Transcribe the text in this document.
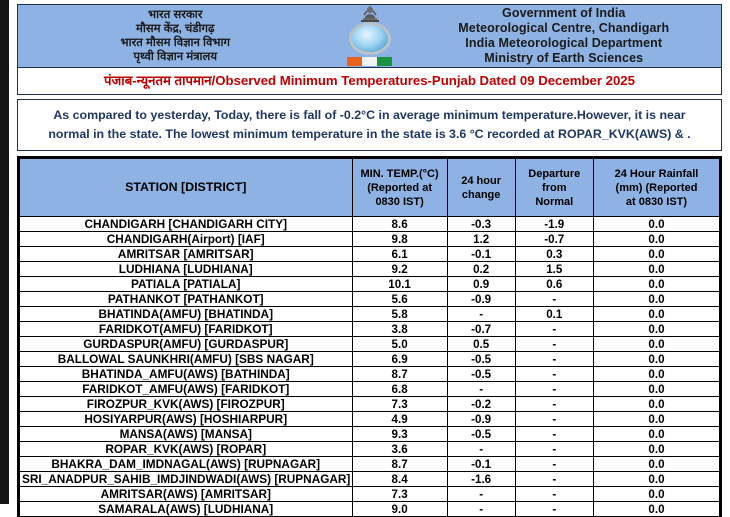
भारत सरकार
मौसम केंद्र, चंडीगढ़
भारत मौसम विज्ञान विभाग
पृथ्वी विज्ञान मंत्रालय
Government of India
Meteorological Centre, Chandigarh
India Meteorological Department
Ministry of Earth Sciences
पंजाब-न्यूनतम तापमान/Observed Minimum Temperatures-Punjab Dated 09 December 2025
As compared to yesterday, Today, there is fall of -0.2°C in average minimum temperature.However, it is near normal in the state. The lowest minimum temperature in the state is 3.6 °C recorded at ROPAR_KVK(AWS) & .
STATION [DISTRICT]	
MIN. TEMP.(°C)
(Reported at
0830 IST)

24 hour
change

Departure
from
Normal

24 Hour Rainfall
(mm) (Reported
at 0830 IST)

CHANDIGARH [CHANDIGARH CITY]	8.6	-0.3	-1.9	0.0
CHANDIGARH(Airport) [IAF]	9.8	1.2	-0.7	0.0
AMRITSAR [AMRITSAR]	6.1	-0.1	0.3	0.0
LUDHIANA [LUDHIANA]	9.2	0.2	1.5	0.0
PATIALA [PATIALA]	10.1	0.9	0.6	0.0
PATHANKOT [PATHANKOT]	5.6	-0.9	-	0.0
BHATINDA(AMFU) [BHATINDA]	5.8	-	0.1	0.0
FARIDKOT(AMFU) [FARIDKOT]	3.8	-0.7	-	0.0
GURDASPUR(AMFU) [GURDASPUR]	5.0	0.5	-	0.0
BALLOWAL SAUNKHRI(AMFU) [SBS NAGAR]	6.9	-0.5	-	0.0
BHATINDA_AMFU(AWS) [BATHINDA]	8.7	-0.5	-	0.0
FARIDKOT_AMFU(AWS) [FARIDKOT]	6.8	-	-	0.0
FIROZPUR_KVK(AWS) [FIROZPUR]	7.3	-0.2	-	0.0
HOSIYARPUR(AWS) [HOSHIARPUR]	4.9	-0.9	-	0.0
MANSA(AWS) [MANSA]	9.3	-0.5	-	0.0
ROPAR_KVK(AWS) [ROPAR]	3.6	-	-	0.0
BHAKRA_DAM_IMDNAGAL(AWS) [RUPNAGAR]	8.7	-0.1	-	0.0
SRI_ANADPUR_SAHIB_IMDJINDWADI(AWS) [RUPNAGAR]	8.4	-1.6	-	0.0
AMRITSAR(AWS) [AMRITSAR]	7.3	-	-	0.0
SAMARALA(AWS) [LUDHIANA]	9.0	-	-	0.0
